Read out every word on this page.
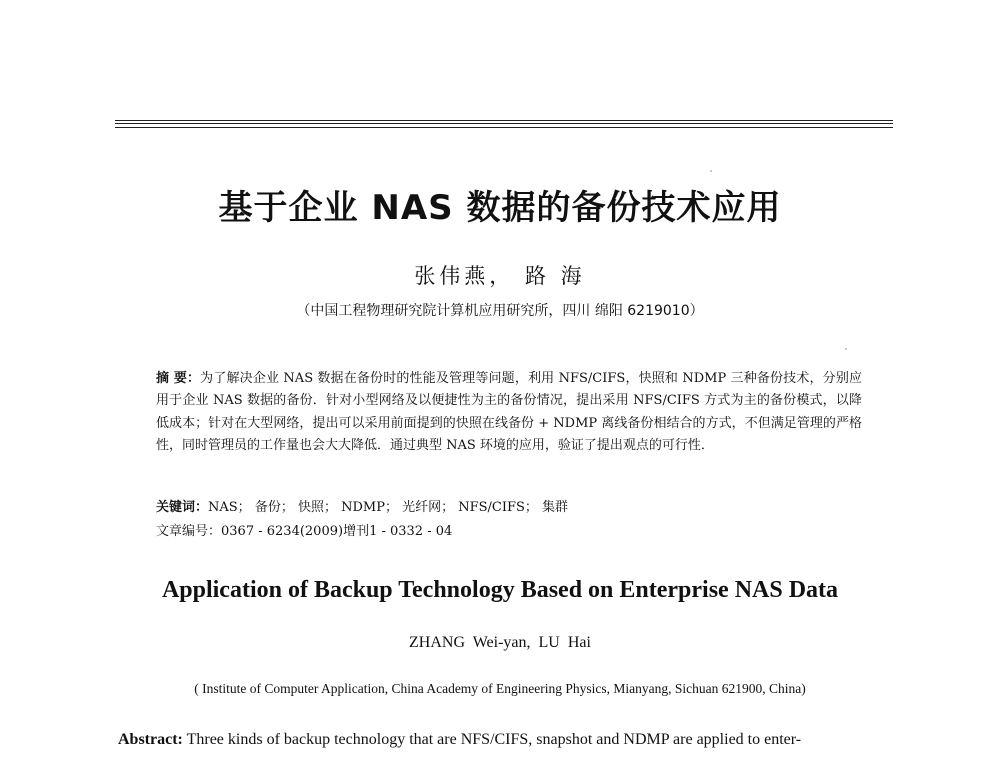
基于企业 NAS 数据的备份技术应用
张伟燕， 路 海
（中国工程物理研究院计算机应用研究所，四川 绵阳 6219010）
摘 要：为了解决企业 NAS 数据在备份时的性能及管理等问题，利用 NFS/CIFS，快照和 NDMP 三种备份技术，分别应用于企业 NAS 数据的备份．针对小型网络及以便捷性为主的备份情况，提出采用 NFS/CIFS 方式为主的备份模式，以降低成本；针对在大型网络，提出可以采用前面提到的快照在线备份 + NDMP 离线备份相结合的方式，不但满足管理的严格性，同时管理员的工作量也会大大降低．通过典型 NAS 环境的应用，验证了提出观点的可行性．
关键词：NAS； 备份； 快照； NDMP； 光纤网； NFS/CIFS； 集群
文章编号：0367 - 6234(2009)增刊1 - 0332 - 04
Application of Backup Technology Based on Enterprise NAS Data
ZHANG Wei-yan, LU Hai
( Institute of Computer Application, China Academy of Engineering Physics, Mianyang, Sichuan 621900, China)
Abstract: Three kinds of backup technology that are NFS/CIFS, snapshot and NDMP are applied to enter-
